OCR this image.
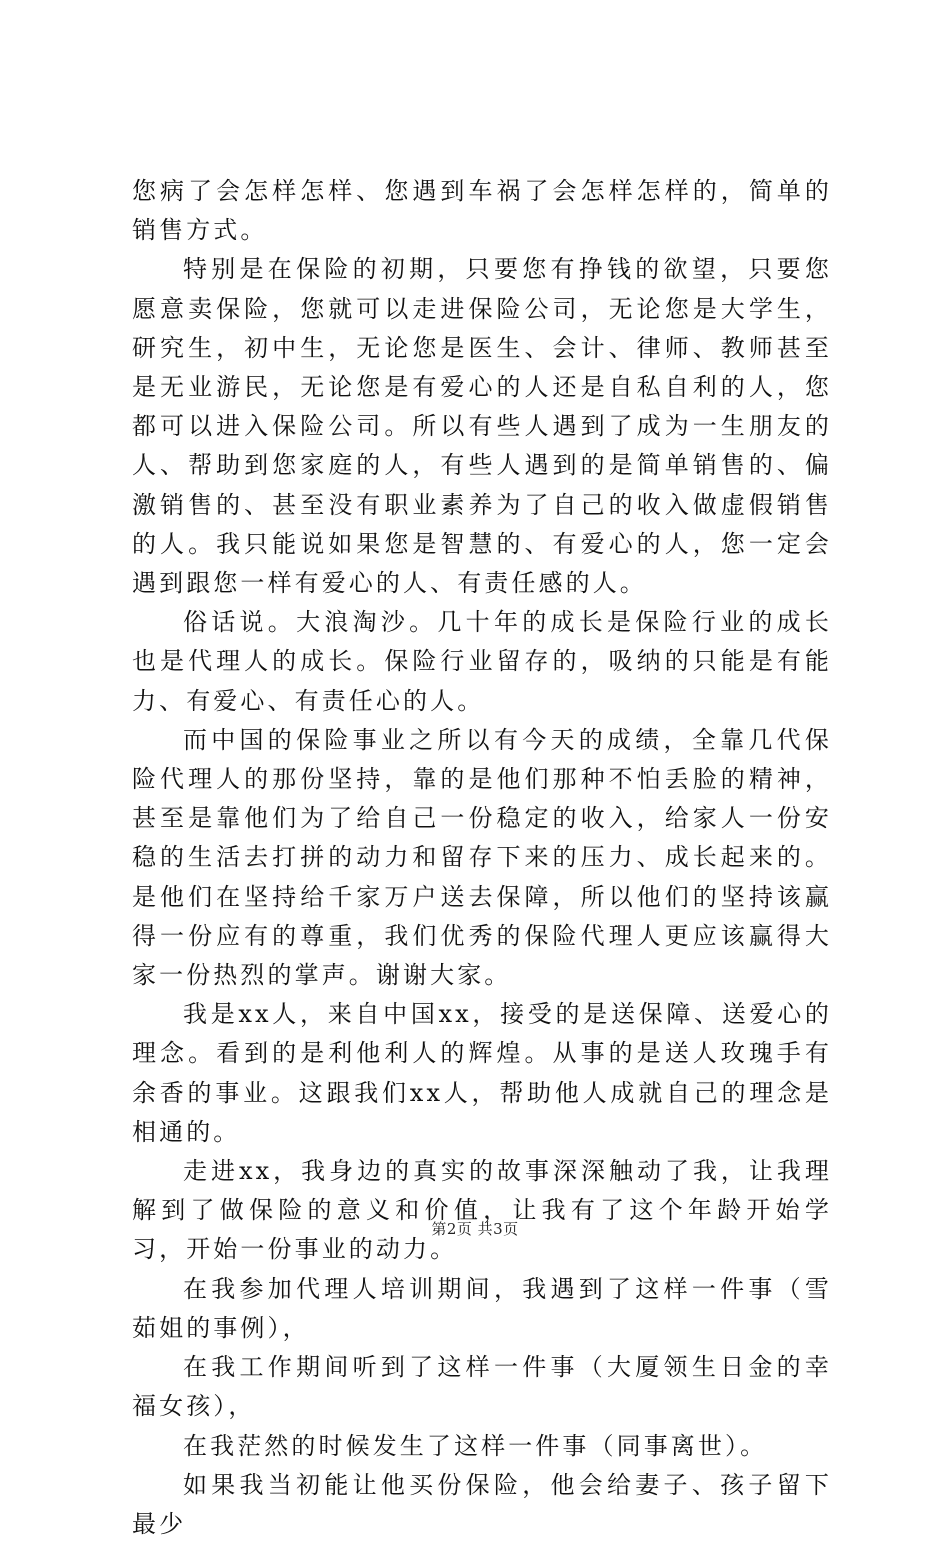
您病了会怎样怎样、您遇到车祸了会怎样怎样的，简单的销售方式。

特别是在保险的初期，只要您有挣钱的欲望，只要您愿意卖保险，您就可以走进保险公司，无论您是大学生，研究生，初中生，无论您是医生、会计、律师、教师甚至是无业游民，无论您是有爱心的人还是自私自利的人，您都可以进入保险公司。所以有些人遇到了成为一生朋友的人、帮助到您家庭的人，有些人遇到的是简单销售的、偏激销售的、甚至没有职业素养为了自己的收入做虚假销售的人。我只能说如果您是智慧的、有爱心的人，您一定会遇到跟您一样有爱心的人、有责任感的人。

俗话说。大浪淘沙。几十年的成长是保险行业的成长也是代理人的成长。保险行业留存的，吸纳的只能是有能力、有爱心、有责任心的人。

而中国的保险事业之所以有今天的成绩，全靠几代保险代理人的那份坚持，靠的是他们那种不怕丢脸的精神，甚至是靠他们为了给自己一份稳定的收入，给家人一份安稳的生活去打拼的动力和留存下来的压力、成长起来的。是他们在坚持给千家万户送去保障，所以他们的坚持该赢得一份应有的尊重，我们优秀的保险代理人更应该赢得大家一份热烈的掌声。谢谢大家。

我是xx人，来自中国xx，接受的是送保障、送爱心的理念。看到的是利他利人的辉煌。从事的是送人玫瑰手有余香的事业。这跟我们xx人，帮助他人成就自己的理念是相通的。

走进xx，我身边的真实的故事深深触动了我，让我理解到了做保险的意义和价值，让我有了这个年龄开始学习，开始一份事业的动力。

在我参加代理人培训期间，我遇到了这样一件事（雪茹姐的事例），

在我工作期间听到了这样一件事（大厦领生日金的幸福女孩），

在我茫然的时候发生了这样一件事（同事离世）。

如果我当初能让他买份保险，他会给妻子、孩子留下最少

第2页 共3页
